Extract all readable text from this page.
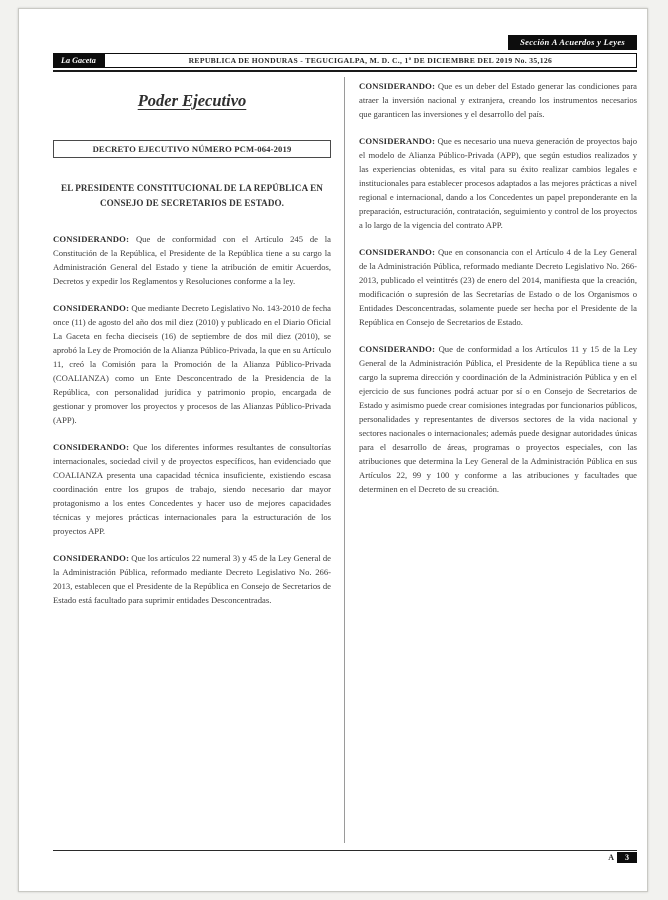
Sección A Acuerdos y Leyes
La Gaceta	REPUBLICA DE HONDURAS - TEGUCIGALPA, M. D. C., 1º DE DICIEMBRE DEL 2019 No. 35,126
Poder Ejecutivo
DECRETO EJECUTIVO NÚMERO PCM-064-2019
EL PRESIDENTE CONSTITUCIONAL DE LA REPÚBLICA EN CONSEJO DE SECRETARIOS DE ESTADO.

CONSIDERANDO: Que de conformidad con el Artículo 245 de la Constitución de la República, el Presidente de la República tiene a su cargo la Administración General del Estado y tiene la atribución de emitir Acuerdos, Decretos y expedir los Reglamentos y Resoluciones conforme a la ley.

CONSIDERANDO: Que mediante Decreto Legislativo No. 143-2010 de fecha once (11) de agosto del año dos mil diez (2010) y publicado en el Diario Oficial La Gaceta en fecha dieciseis (16) de septiembre de dos mil diez (2010), se aprobó la Ley de Promoción de la Alianza Público-Privada, la que en su Artículo 11, creó la Comisión para la Promoción de la Alianza Público-Privada (COALIANZA) como un Ente Desconcentrado de la Presidencia de la República, con personalidad jurídica y patrimonio propio, encargada de gestionar y promover los proyectos y procesos de las Alianzas Público-Privada (APP).

CONSIDERANDO: Que los diferentes informes resultantes de consultorías internacionales, sociedad civil y de proyectos específicos, han evidenciado que COALIANZA presenta una capacidad técnica insuficiente, existiendo escasa coordinación entre los grupos de trabajo, siendo necesario dar mayor protagonismo a los entes Concedentes y hacer uso de mejores capacidades técnicas y mejores prácticas internacionales para la estructuración de los proyectos APP.

CONSIDERANDO: Que los artículos 22 numeral 3) y 45 de la Ley General de la Administración Pública, reformado mediante Decreto Legislativo No. 266-2013, establecen que el Presidente de la República en Consejo de Secretarios de Estado está facultado para suprimir entidades Desconcentradas.

CONSIDERANDO: Que es un deber del Estado generar las condiciones para atraer la inversión nacional y extranjera, creando los instrumentos necesarios que garanticen las inversiones y el desarrollo del país.

CONSIDERANDO: Que es necesario una nueva generación de proyectos bajo el modelo de Alianza Público-Privada (APP), que según estudios realizados y las experiencias obtenidas, es vital para su éxito realizar cambios legales e institucionales para establecer procesos adaptados a las mejores prácticas a nivel regional e internacional, dando a los Concedentes un papel preponderante en la preparación, estructuración, contratación, seguimiento y control de los proyectos a lo largo de la vigencia del contrato APP.

CONSIDERANDO: Que en consonancia con el Artículo 4 de la Ley General de la Administración Pública, reformado mediante Decreto Legislativo No. 266-2013, publicado el veintitrés (23) de enero del 2014, manifiesta que la creación, modificación o supresión de las Secretarías de Estado o de los Organismos o Entidades Desconcentradas, solamente puede ser hecha por el Presidente de la República en Consejo de Secretarios de Estado.

CONSIDERANDO: Que de conformidad a los Artículos 11 y 15 de la Ley General de la Administración Pública, el Presidente de la República tiene a su cargo la suprema dirección y coordinación de la Administración Pública y en el ejercicio de sus funciones podrá actuar por sí o en Consejo de Secretarios de Estado y asimismo puede crear comisiones integradas por funcionarios públicos, personalidades y representantes de diversos sectores de la vida nacional y sectores nacionales o internacionales; además puede designar autoridades únicas para el desarrollo de áreas, programas o proyectos especiales, con las atribuciones que determina la Ley General de la Administración Pública en sus Artículos 22, 99 y 100 y conforme a las atribuciones y facultades que determinen en el Decreto de su creación.

A	3
